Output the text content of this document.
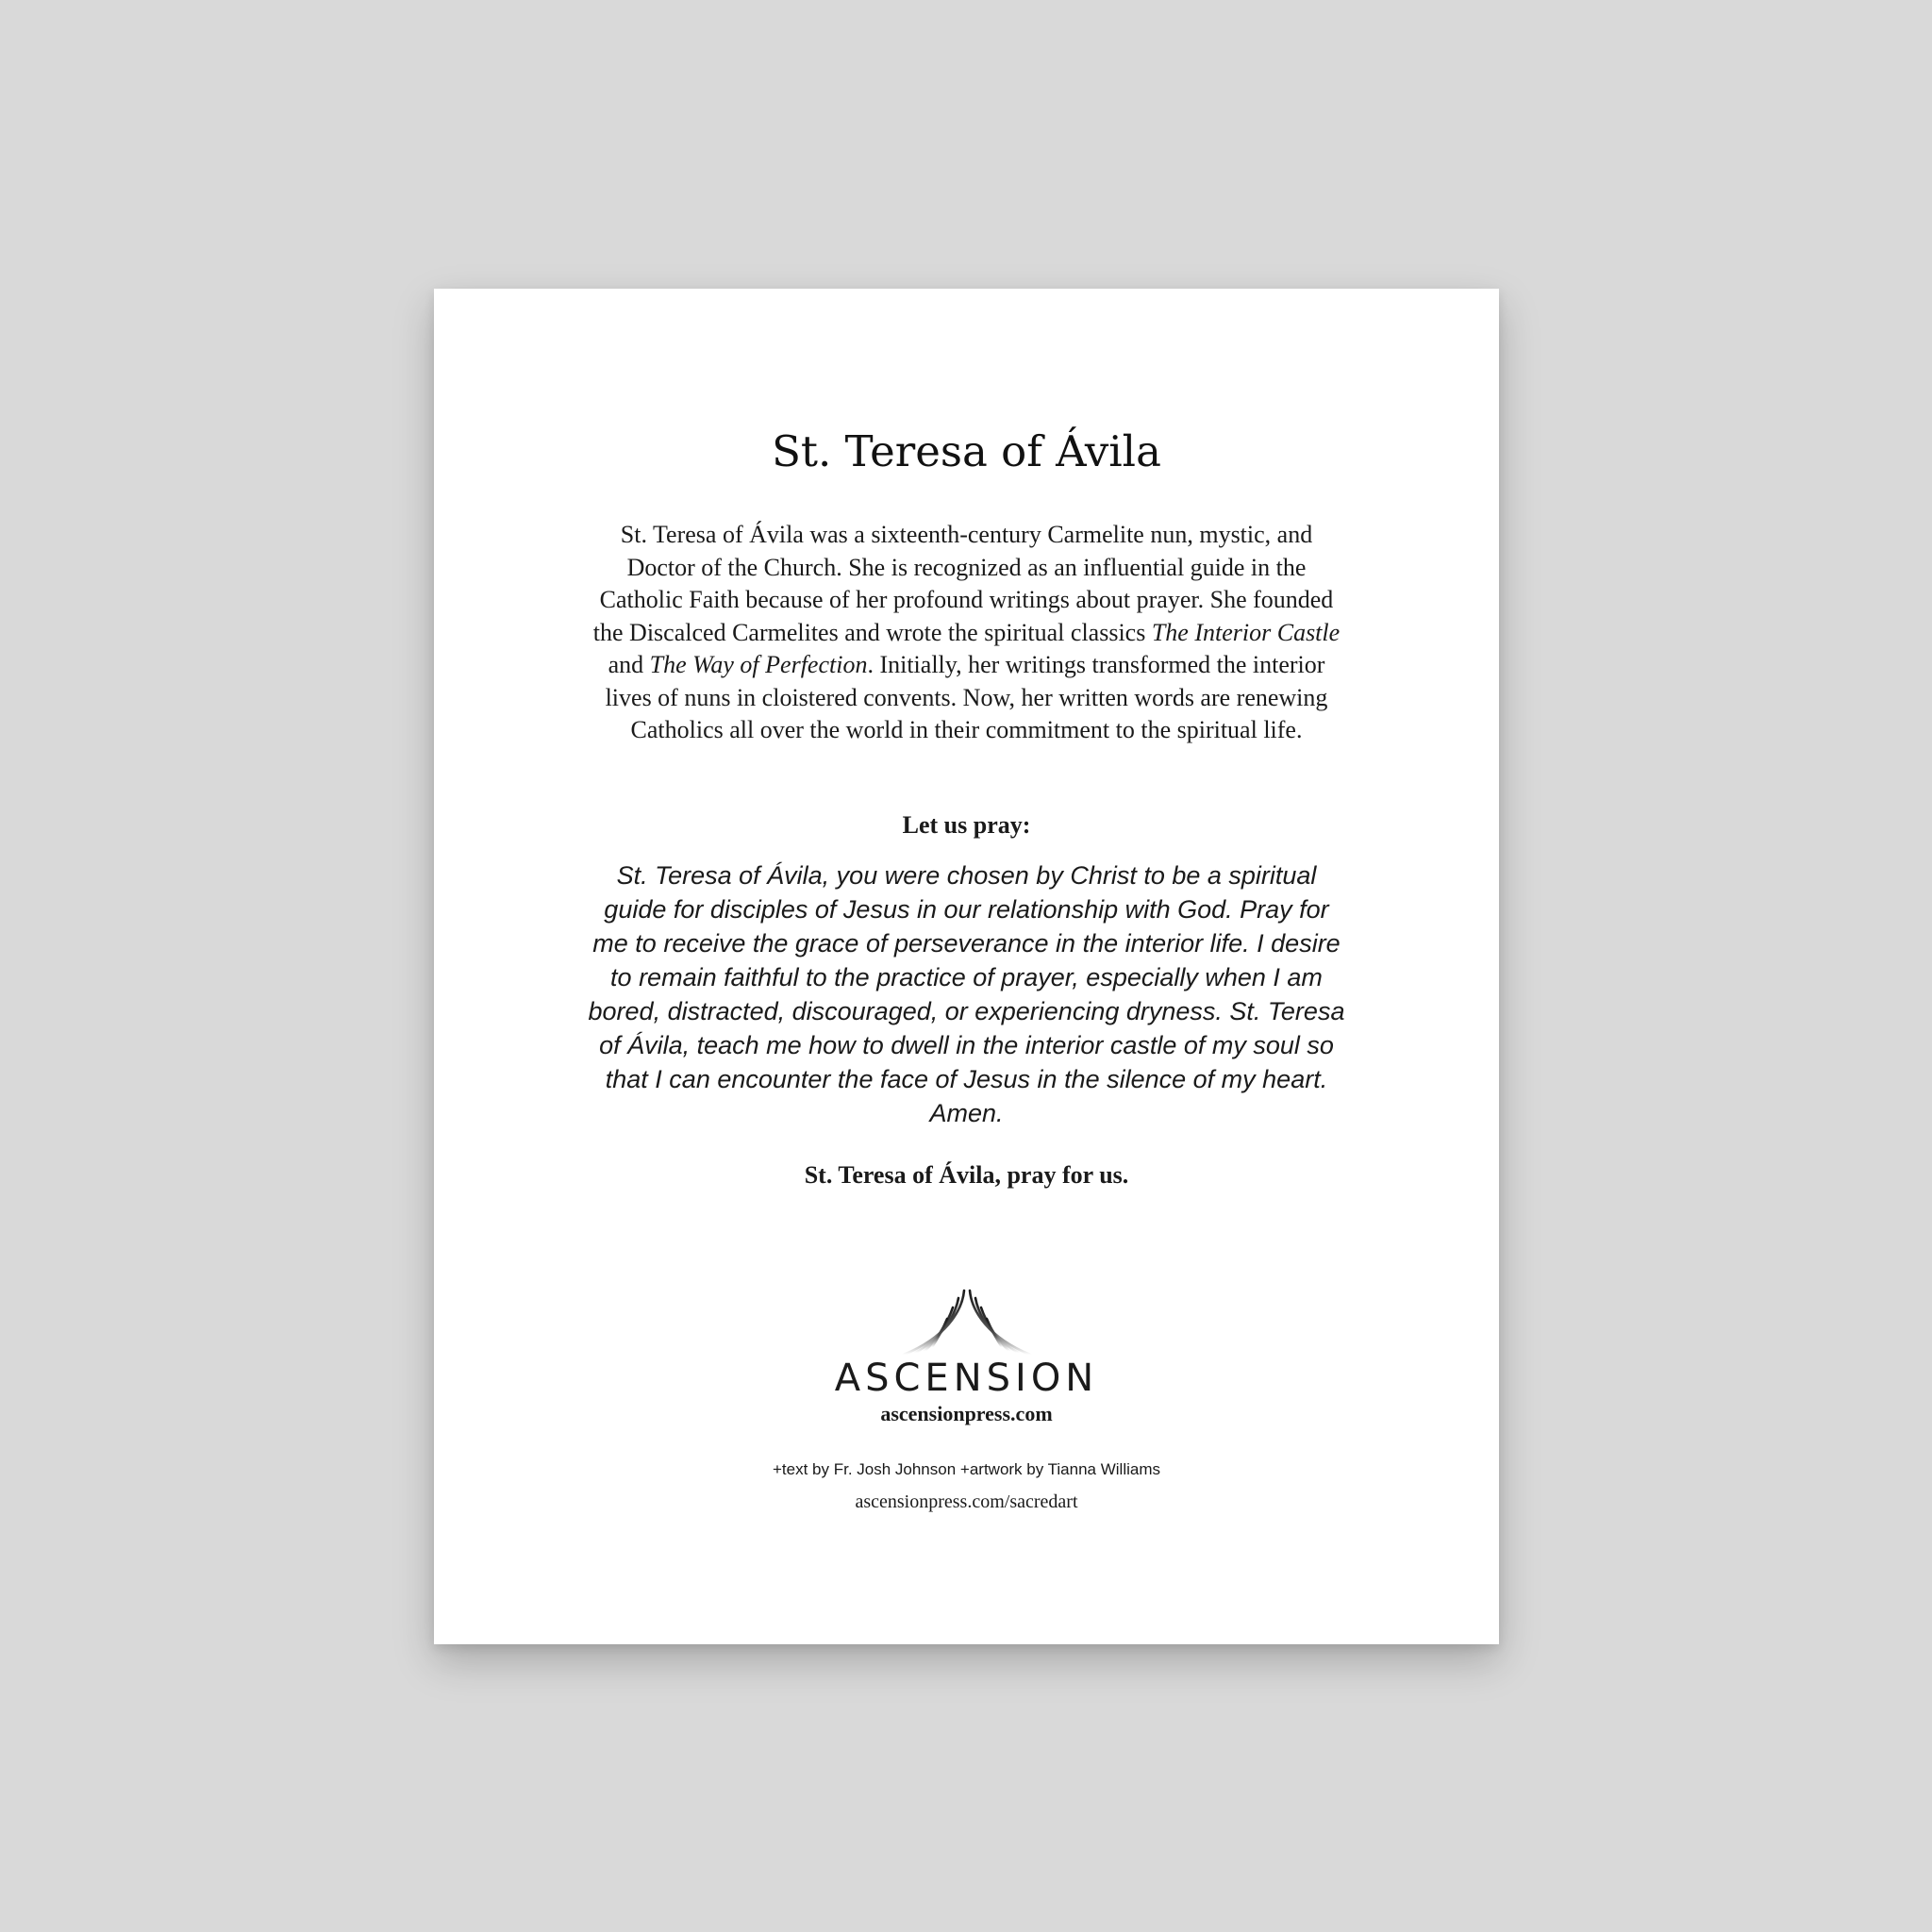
St. Teresa of Ávila

St. Teresa of Ávila was a sixteenth-century Carmelite nun, mystic, and Doctor of the Church. She is recognized as an influential guide in the Catholic Faith because of her profound writings about prayer. She founded the Discalced Carmelites and wrote the spiritual classics The Interior Castle and The Way of Perfection. Initially, her writings transformed the interior lives of nuns in cloistered convents. Now, her written words are renewing Catholics all over the world in their commitment to the spiritual life.

Let us pray:

St. Teresa of Ávila, you were chosen by Christ to be a spiritual guide for disciples of Jesus in our relationship with God. Pray for me to receive the grace of perseverance in the interior life. I desire to remain faithful to the practice of prayer, especially when I am bored, distracted, discouraged, or experiencing dryness. St. Teresa of Ávila, teach me how to dwell in the interior castle of my soul so that I can encounter the face of Jesus in the silence of my heart. Amen.

St. Teresa of Ávila, pray for us.

ASCENSION

ascensionpress.com

+text by Fr. Josh Johnson +artwork by Tianna Williams

ascensionpress.com/sacredart
